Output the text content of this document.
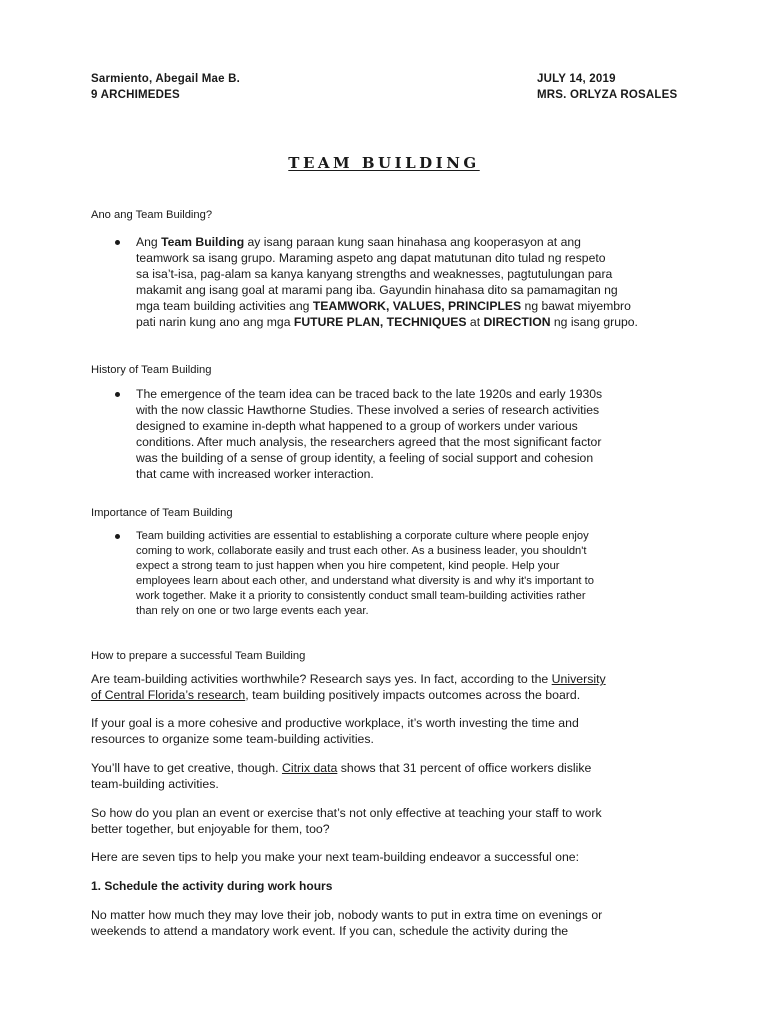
Sarmiento, Abegail Mae B.
9 ARCHIMEDES
JULY 14, 2019
MRS. ORLYZA ROSALES
TEAM BUILDING
Ano ang Team Building?
Ang Team Building ay isang paraan kung saan hinahasa ang kooperasyon at ang
teamwork sa isang grupo. Maraming aspeto ang dapat matutunan dito tulad ng respeto
sa isa’t-isa, pag-alam sa kanya kanyang strengths and weaknesses, pagtutulungan para
makamit ang isang goal at marami pang iba. Gayundin hinahasa dito sa pamamagitan ng
mga team building activities ang TEAMWORK, VALUES, PRINCIPLES ng bawat miyembro
pati narin kung ano ang mga FUTURE PLAN, TECHNIQUES at DIRECTION ng isang grupo.
History of Team Building
The emergence of the team idea can be traced back to the late 1920s and early 1930s
with the now classic Hawthorne Studies. These involved a series of research activities
designed to examine in-depth what happened to a group of workers under various
conditions. After much analysis, the researchers agreed that the most significant factor
was the building of a sense of group identity, a feeling of social support and cohesion
that came with increased worker interaction.
Importance of Team Building
Team building activities are essential to establishing a corporate culture where people enjoy
coming to work, collaborate easily and trust each other. As a business leader, you shouldn't
expect a strong team to just happen when you hire competent, kind people. Help your
employees learn about each other, and understand what diversity is and why it's important to
work together. Make it a priority to consistently conduct small team-building activities rather
than rely on one or two large events each year.
How to prepare a successful Team Building
Are team-building activities worthwhile? Research says yes. In fact, according to the University
of Central Florida’s research, team building positively impacts outcomes across the board.
If your goal is a more cohesive and productive workplace, it’s worth investing the time and
resources to organize some team-building activities.
You’ll have to get creative, though. Citrix data shows that 31 percent of office workers dislike
team-building activities.
So how do you plan an event or exercise that’s not only effective at teaching your staff to work
better together, but enjoyable for them, too?
Here are seven tips to help you make your next team-building endeavor a successful one:
1. Schedule the activity during work hours
No matter how much they may love their job, nobody wants to put in extra time on evenings or
weekends to attend a mandatory work event. If you can, schedule the activity during the
